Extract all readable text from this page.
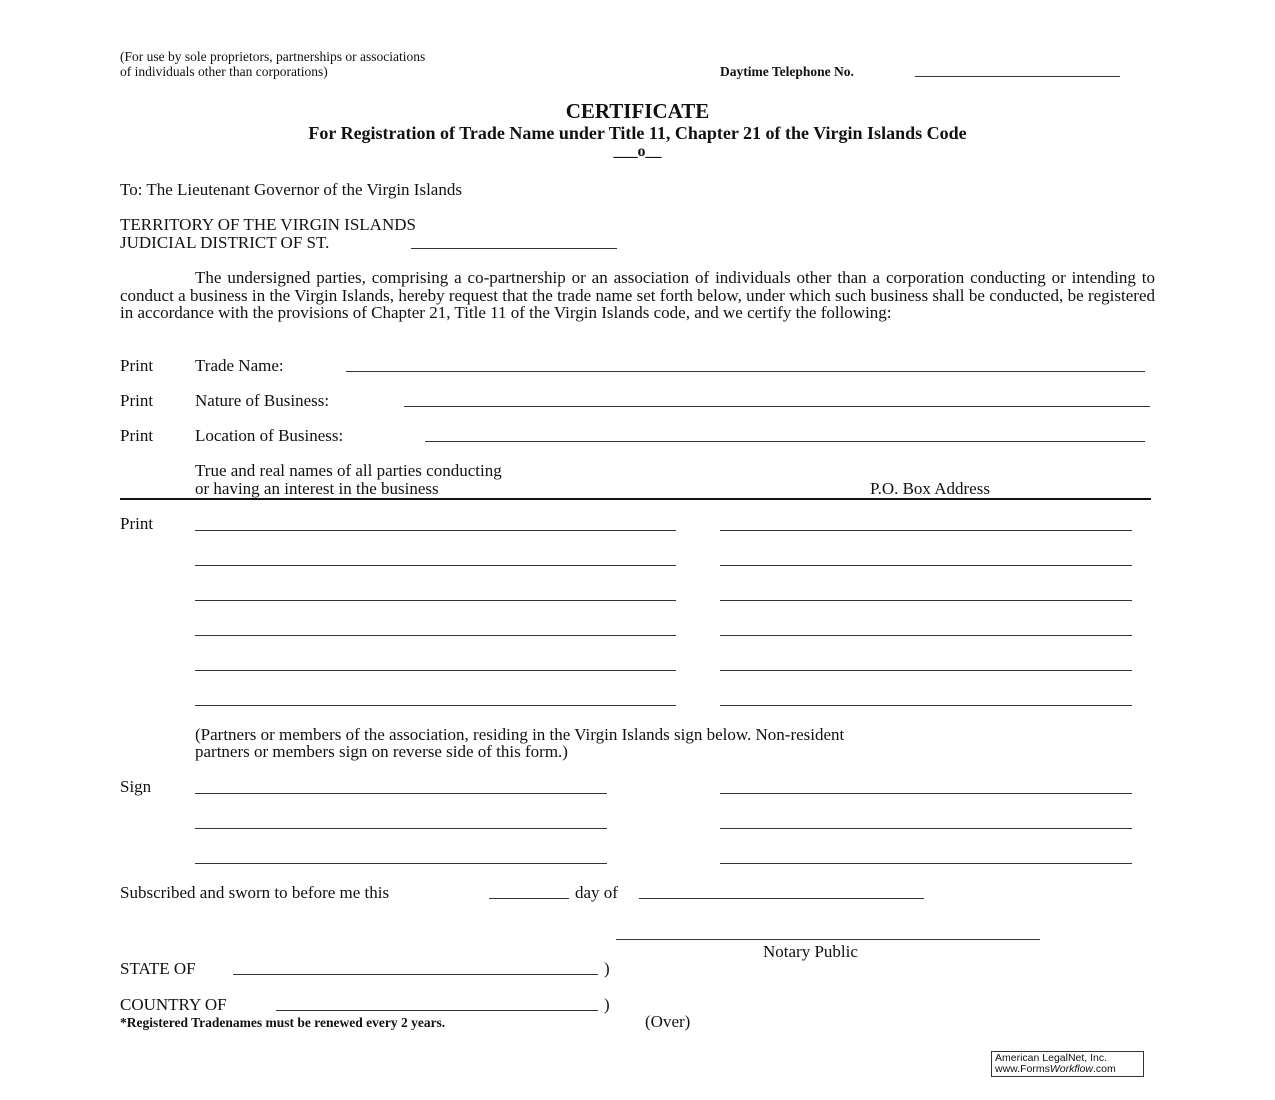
(For use by sole proprietors, partnerships or associations
of individuals other than corporations)	Daytime Telephone No.
CERTIFICATE
For Registration of Trade Name under Title 11, Chapter 21 of the Virgin Islands Code
___o__
To: The Lieutenant Governor of the Virgin Islands
TERRITORY OF THE VIRGIN ISLANDS
JUDICIAL DISTRICT OF ST.
The undersigned parties, comprising a co-partnership or an association of individuals other than a corporation conducting or intending to conduct a business in the Virgin Islands, hereby request that the trade name set forth below, under which such business shall be conducted, be registered in accordance with the provisions of Chapter 21, Title 11 of the Virgin Islands code, and we certify the following:
Print Trade Name:
Print Nature of Business:
Print Location of Business:
True and real names of all parties conducting
or having an interest in the business	P.O. Box Address
Print
(Partners or members of the association, residing in the Virgin Islands sign below. Non-resident
partners or members sign on reverse side of this form.)
Sign
Subscribed and sworn to before me this	day of
Notary Public
STATE OF	)
COUNTRY OF	)
*Registered Tradenames must be renewed every 2 years.	(Over)
American LegalNet, Inc.
www.FormsWorkflow.com
